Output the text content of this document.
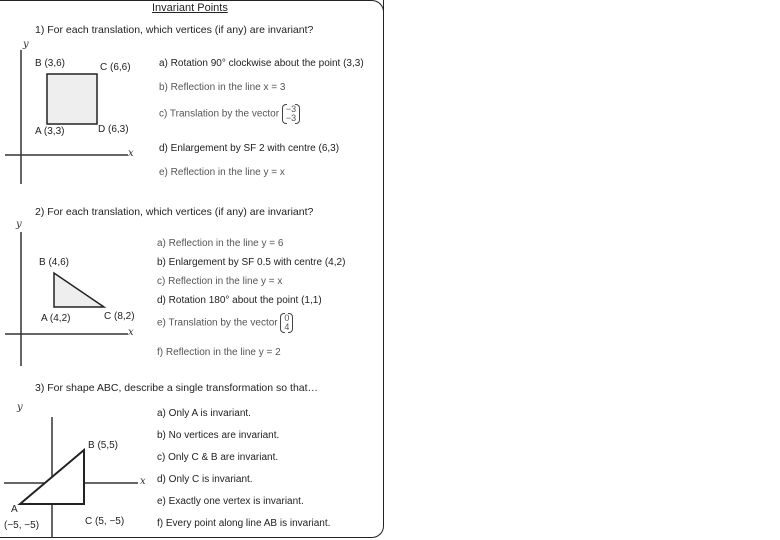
Invariant Points
1) For each translation, which vertices (if any) are invariant?
y
x
B (3,6)	C (6,6)
A (3,3)	D (6,3)
a) Rotation 90° clockwise about the point (3,3)
b) Reflection in the line x = 3
c) Translation by the vector −3
−3
d) Enlargement by SF 2 with centre (6,3)
e) Reflection in the line y = x
2) For each translation, which vertices (if any) are invariant?
y
x
B (4,6)
A (4,2)	C (8,2)
a) Reflection in the line y = 6
b) Enlargement by SF 0.5 with centre (4,2)
c) Reflection in the line y = x
d) Rotation 180° about the point (1,1)
e) Translation by the vector 0
4
f) Reflection in the line y = 2
3) For shape ABC, describe a single transformation so that…
y
x
B (5,5)
A
(−5, −5)	C (5, −5)
a) Only A is invariant.
b) No vertices are invariant.
c) Only C & B are invariant.
d) Only C is invariant.
e) Exactly one vertex is invariant.
f) Every point along line AB is invariant.
